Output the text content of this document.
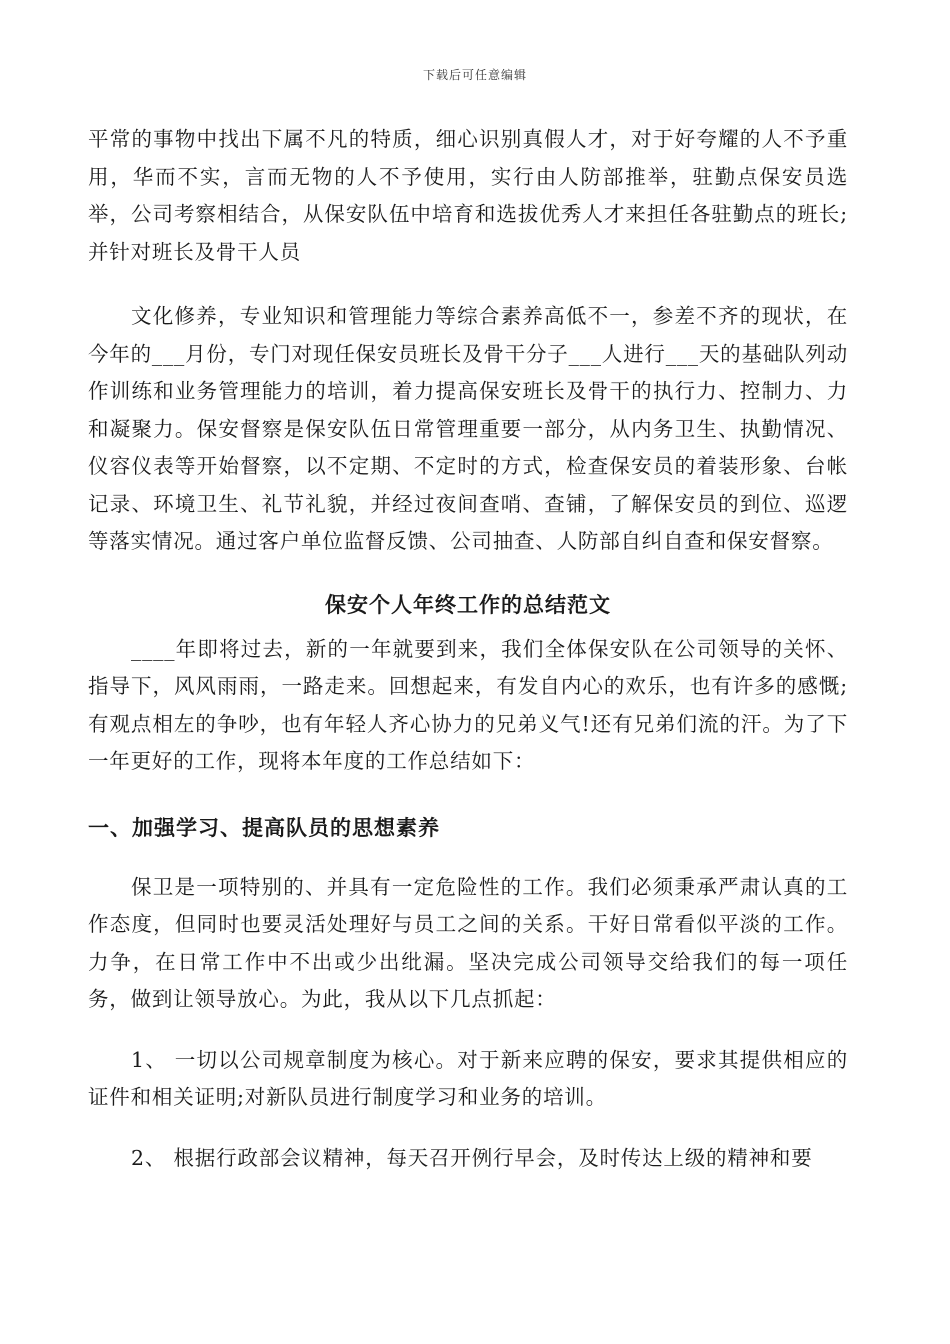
下载后可任意编辑

平常的事物中找出下属不凡的特质，细心识别真假人才，对于好夸耀的人不予重用，华而不实，言而无物的人不予使用，实行由人防部推举，驻勤点保安员选举，公司考察相结合，从保安队伍中培育和选拔优秀人才来担任各驻勤点的班长;并针对班长及骨干人员

文化修养，专业知识和管理能力等综合素养高低不一，参差不齐的现状，在今年的___月份，专门对现任保安员班长及骨干分子___人进行___天的基础队列动作训练和业务管理能力的培训，着力提高保安班长及骨干的执行力、控制力、力和凝聚力。保安督察是保安队伍日常管理重要一部分，从内务卫生、执勤情况、仪容仪表等开始督察，以不定期、不定时的方式，检查保安员的着装形象、台帐记录、环境卫生、礼节礼貌，并经过夜间查哨、查铺，了解保安员的到位、巡逻等落实情况。通过客户单位监督反馈、公司抽查、人防部自纠自查和保安督察。

保安个人年终工作的总结范文

____年即将过去，新的一年就要到来，我们全体保安队在公司领导的关怀、指导下，风风雨雨，一路走来。回想起来，有发自内心的欢乐，也有许多的感慨;有观点相左的争吵，也有年轻人齐心协力的兄弟义气!还有兄弟们流的汗。为了下一年更好的工作，现将本年度的工作总结如下：

一、加强学习、提高队员的思想素养

保卫是一项特别的、并具有一定危险性的工作。我们必须秉承严肃认真的工作态度，但同时也要灵活处理好与员工之间的关系。干好日常看似平淡的工作。力争，在日常工作中不出或少出纰漏。坚决完成公司领导交给我们的每一项任务，做到让领导放心。为此，我从以下几点抓起：

1、 一切以公司规章制度为核心。对于新来应聘的保安，要求其提供相应的证件和相关证明;对新队员进行制度学习和业务的培训。

2、 根据行政部会议精神，每天召开例行早会，及时传达上级的精神和要
